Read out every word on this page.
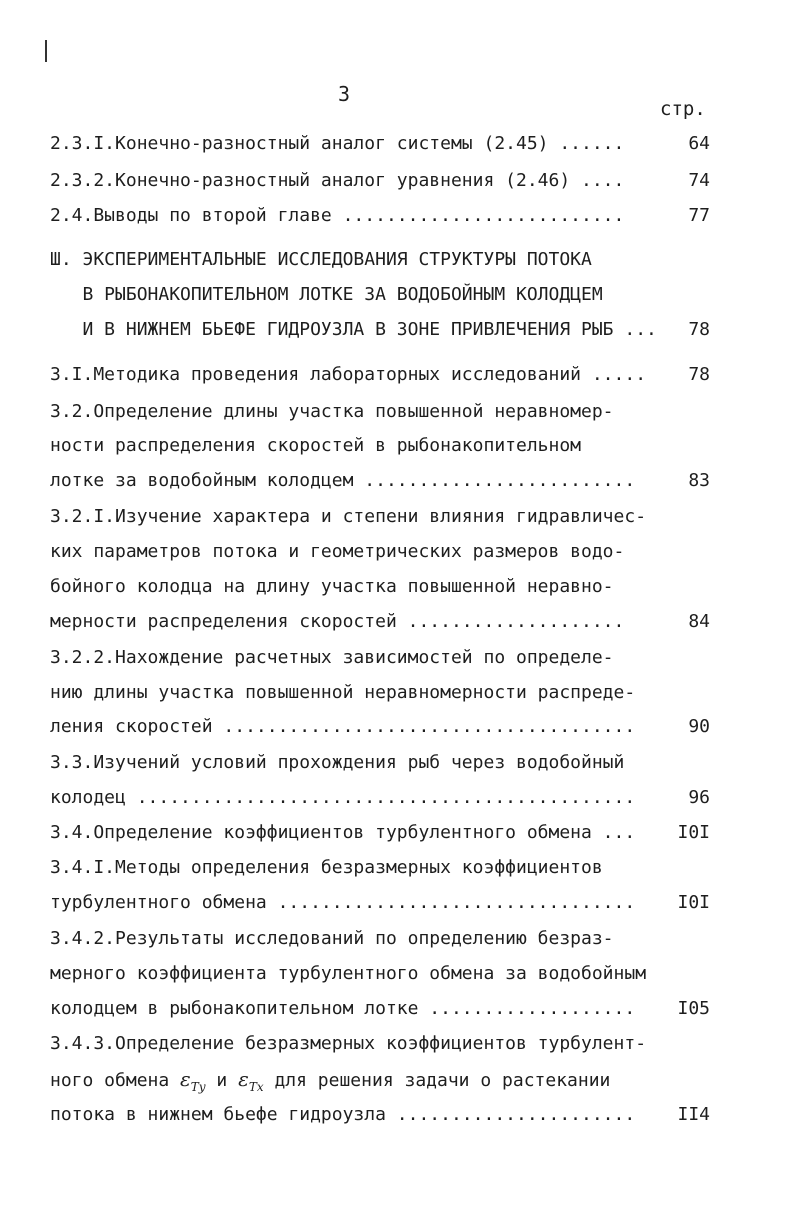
3
стр.
2.3.I.Конечно-разностный аналог системы (2.45) ......	64
2.3.2.Конечно-разностный аналог уравнения (2.46) ....	74
2.4.Выводы по второй главе ..........................	77
Ш. ЭКСПЕРИМЕНТАЛЬНЫЕ ИССЛЕДОВАНИЯ СТРУКТУРЫ ПОТОКА
В РЫБОНАКОПИТЕЛЬНОМ ЛОТКЕ ЗА ВОДОБОЙНЫМ КОЛОДЦЕМ
И В НИЖНЕМ БЬЕФЕ ГИДРОУЗЛА В ЗОНЕ ПРИВЛЕЧЕНИЯ РЫБ ...	78
3.I.Методика проведения лабораторных исследований .....	78
3.2.Определение длины участка повышенной неравномер-
ности распределения скоростей в рыбонакопительном
лотке за водобойным колодцем .........................	83
3.2.I.Изучение характера и степени влияния гидравличес-
ких параметров потока и геометрических размеров водо-
бойного колодца на длину участка повышенной неравно-
мерности распределения скоростей ....................	84
3.2.2.Нахождение расчетных зависимостей по определе-
нию длины участка повышенной неравномерности распреде-
ления скоростей ......................................	90
3.3.Изучений условий прохождения рыб через водобойный
колодец ..............................................	96
3.4.Определение коэффициентов турбулентного обмена ...	I0I
3.4.I.Методы определения безразмерных коэффициентов
турбулентного обмена .................................	I0I
3.4.2.Результаты исследований по определению безраз-
мерного коэффициента турбулентного обмена за водобойным
колодцем в рыбонакопительном лотке ...................	I05
3.4.3.Определение безразмерных коэффициентов турбулент-
ного обмена $\varepsilon_{Ty}$ и $\varepsilon_{Tx}$ для решения задачи о растекании
потока в нижнем бьефе гидроузла ......................	II4
